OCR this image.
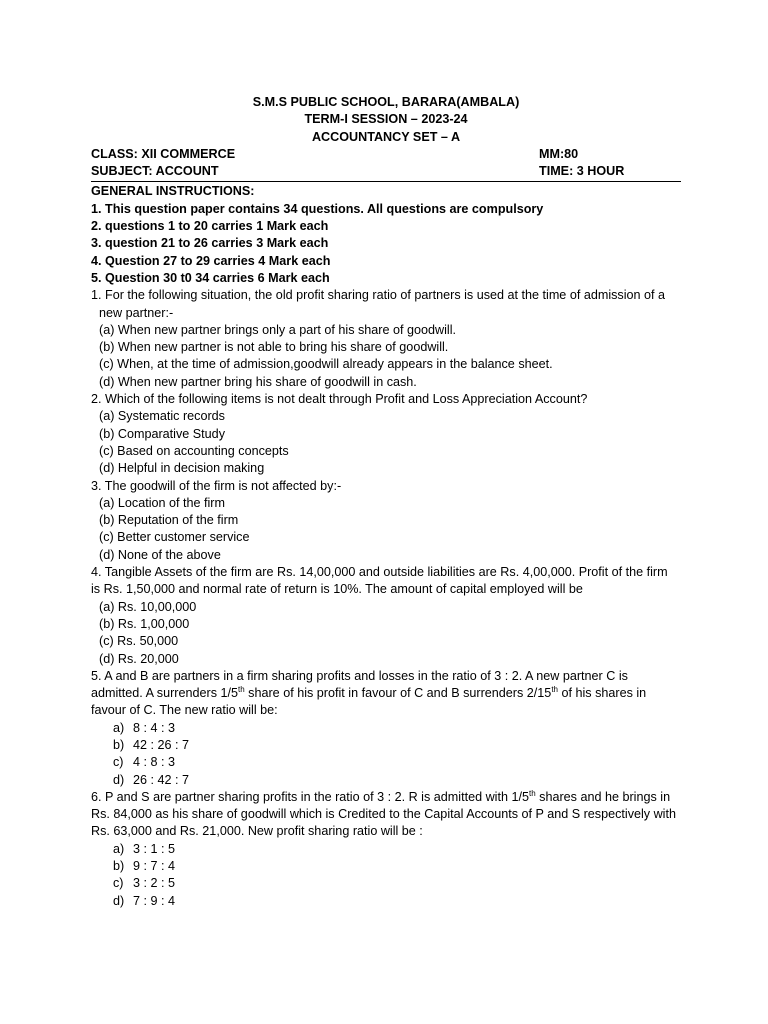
S.M.S PUBLIC SCHOOL, BARARA(AMBALA)
TERM-I SESSION – 2023-24
ACCOUNTANCY SET – A
CLASS: XII COMMERCE	MM:80
SUBJECT: ACCOUNT	TIME: 3 HOUR
GENERAL INSTRUCTIONS:
1. This question paper contains 34 questions. All questions are compulsory
2. questions 1 to 20 carries 1 Mark each
3. question 21 to 26 carries 3 Mark each
4. Question 27 to 29 carries 4 Mark each
5. Question 30 t0 34 carries 6 Mark each
1. For the following situation, the old profit sharing ratio of partners is used at the time of admission of a
new partner:-
(a) When new partner brings only a part of his share of goodwill.
(b) When new partner is not able to bring his share of goodwill.
(c) When, at the time of admission,goodwill already appears in the balance sheet.
(d) When new partner bring his share of goodwill in cash.
2. Which of the following items is not dealt through Profit and Loss Appreciation Account?
(a) Systematic records
(b) Comparative Study
(c) Based on accounting concepts
(d) Helpful in decision making
3. The goodwill of the firm is not affected by:-
(a) Location of the firm
(b) Reputation of the firm
(c) Better customer service
(d) None of the above
4. Tangible Assets of the firm are Rs. 14,00,000 and outside liabilities are Rs. 4,00,000. Profit of the firm
is Rs. 1,50,000 and normal rate of return is 10%. The amount of capital employed will be
(a) Rs. 10,00,000
(b) Rs. 1,00,000
(c) Rs. 50,000
(d) Rs. 20,000
5. A and B are partners in a firm sharing profits and losses in the ratio of 3 : 2. A new partner C is
admitted. A surrenders 1/5th share of his profit in favour of C and B surrenders 2/15th of his shares in
favour of C. The new ratio will be:
a) 8 : 4 : 3
b) 42 : 26 : 7
c) 4 : 8 : 3
d) 26 : 42 : 7
6. P and S are partner sharing profits in the ratio of 3 : 2. R is admitted with 1/5th shares and he brings in
Rs. 84,000 as his share of goodwill which is Credited to the Capital Accounts of P and S respectively with
Rs. 63,000 and Rs. 21,000. New profit sharing ratio will be :
a) 3 : 1 : 5
b) 9 : 7 : 4
c) 3 : 2 : 5
d) 7 : 9 : 4
